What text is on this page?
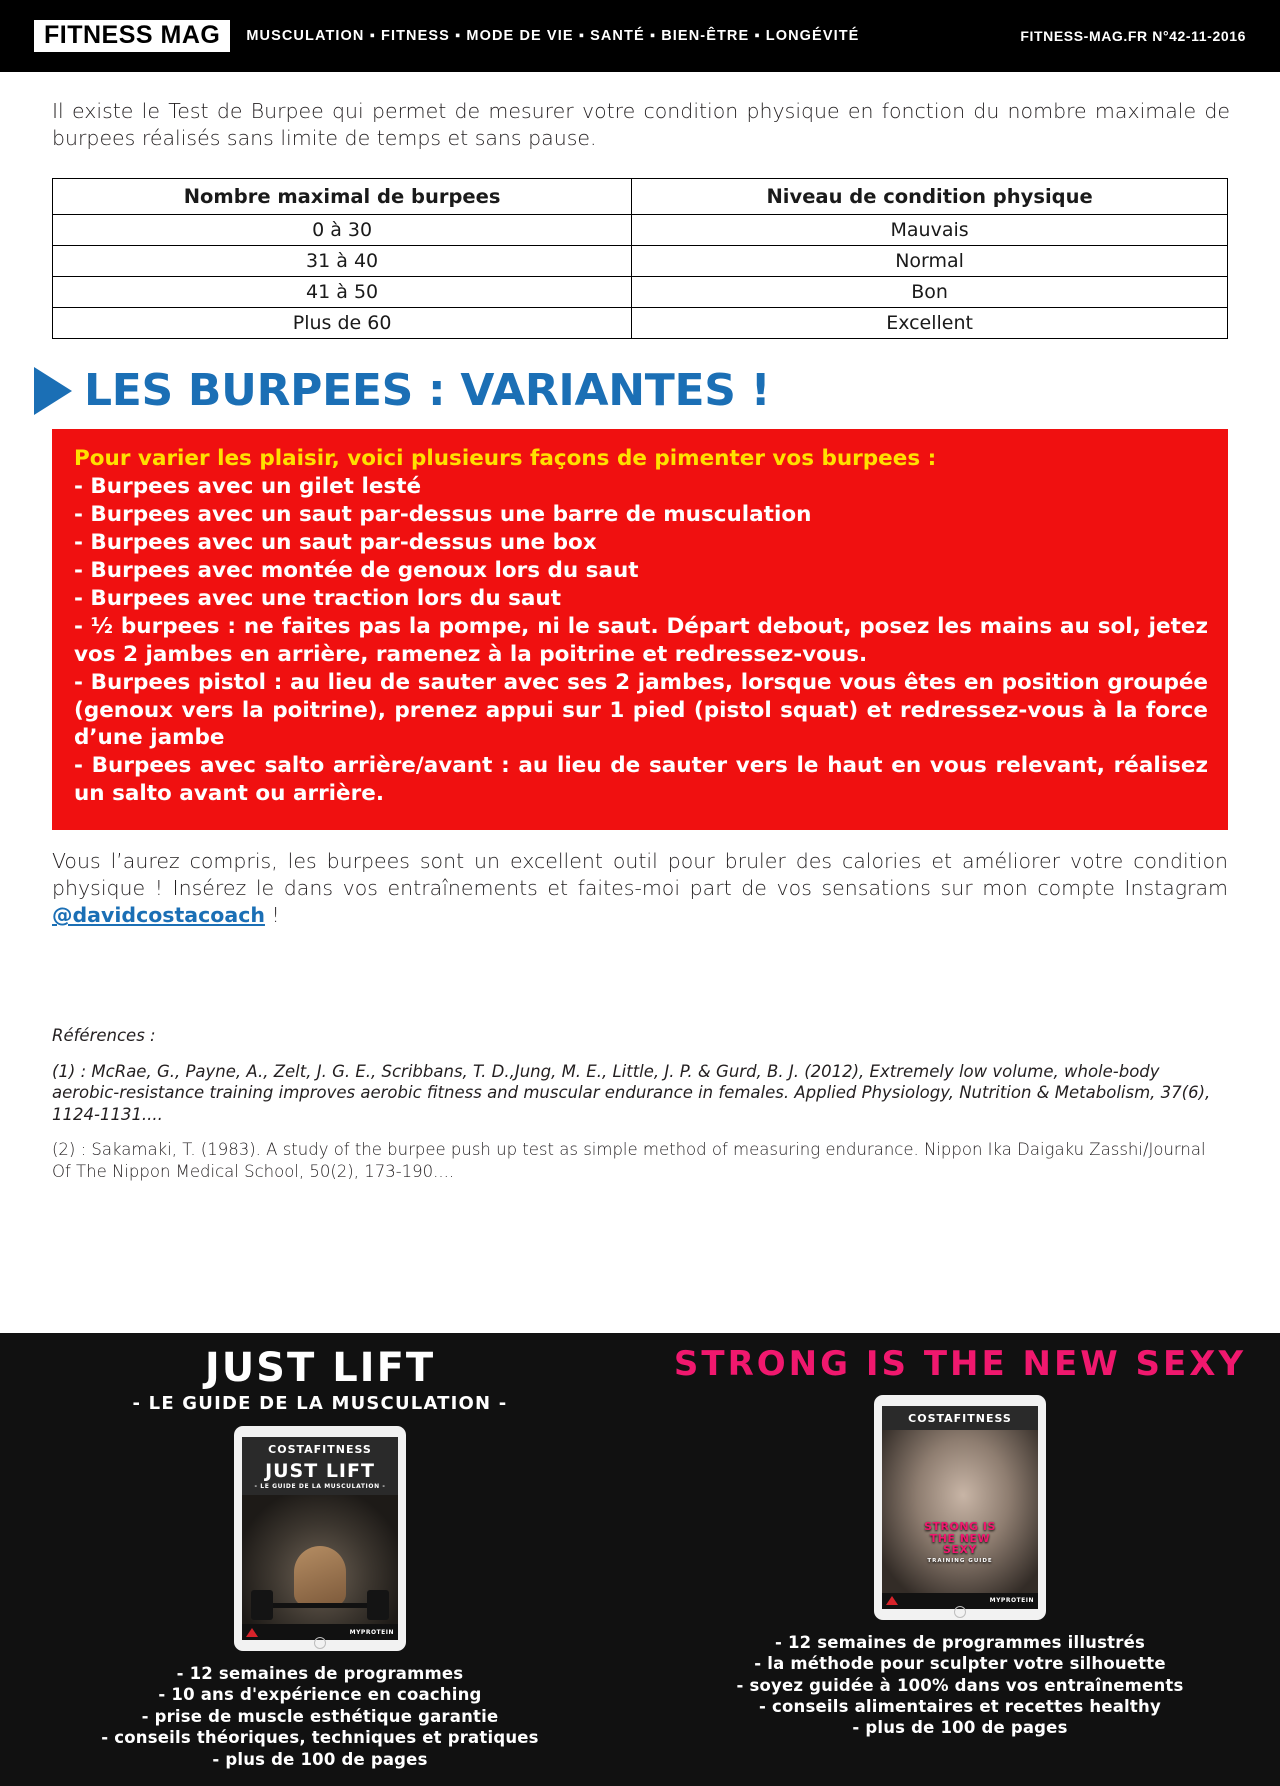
FITNESS MAG	MUSCULATION ▪ FITNESS ▪ MODE DE VIE ▪ SANTÉ ▪ BIEN-ÊTRE ▪ LONGÉVITÉ	FITNESS-MAG.FR N°42-11-2016

Il existe le Test de Burpee qui permet de mesurer votre condition physique en fonction du nombre maximale de burpees réalisés sans limite de temps et sans pause.

Nombre maximal de burpees	Niveau de condition physique
0 à 30	Mauvais
31 à 40	Normal
41 à 50	Bon
Plus de 60	Excellent
LES BURPEES : VARIANTES !

Pour varier les plaisir, voici plusieurs façons de pimenter vos burpees :

- Burpees avec un gilet lesté

- Burpees avec un saut par-dessus une barre de musculation

- Burpees avec un saut par-dessus une box

- Burpees avec montée de genoux lors du saut

- Burpees avec une traction lors du saut

- ½ burpees : ne faites pas la pompe, ni le saut. Départ debout, posez les mains au sol, jetez vos 2 jambes en arrière, ramenez à la poitrine et redressez-vous.

- Burpees pistol : au lieu de sauter avec ses 2 jambes, lorsque vous êtes en position groupée (genoux vers la poitrine), prenez appui sur 1 pied (pistol squat) et redressez-vous à la force d’une jambe

- Burpees avec salto arrière/avant : au lieu de sauter vers le haut en vous relevant, réalisez un salto avant ou arrière.

Vous l’aurez compris, les burpees sont un excellent outil pour bruler des calories et améliorer votre condition physique ! Insérez le dans vos entraînements et faites-moi part de vos sensations sur mon compte Instagram @davidcostacoach !

Références :

(1) : McRae, G., Payne, A., Zelt, J. G. E., Scribbans, T. D.,Jung, M. E., Little, J. P. & Gurd, B. J. (2012), Extremely low volume, whole-body aerobic-resistance training improves aerobic fitness and muscular endurance in females. Applied Physiology, Nutrition & Metabolism, 37(6), 1124-1131....

(2) : Sakamaki, T. (1983). A study of the burpee push up test as simple method of measuring endurance. Nippon Ika Daigaku Zasshi/Journal Of The Nippon Medical School, 50(2), 173-190....

JUST LIFT
- LE GUIDE DE LA MUSCULATION -
COSTAFITNESS
JUST LIFT
- LE GUIDE DE LA MUSCULATION -
MYPROTEIN
- 12 semaines de programmes
- 10 ans d'expérience en coaching
- prise de muscle esthétique garantie
- conseils théoriques, techniques et pratiques
- plus de 100 de pages
STRONG IS THE NEW SEXY
COSTAFITNESS
STRONG IS THE NEW SEXY
TRAINING GUIDE
MYPROTEIN
- 12 semaines de programmes illustrés
- la méthode pour sculpter votre silhouette
- soyez guidée à 100% dans vos entraînements
- conseils alimentaires et recettes healthy
- plus de 100 de pages
